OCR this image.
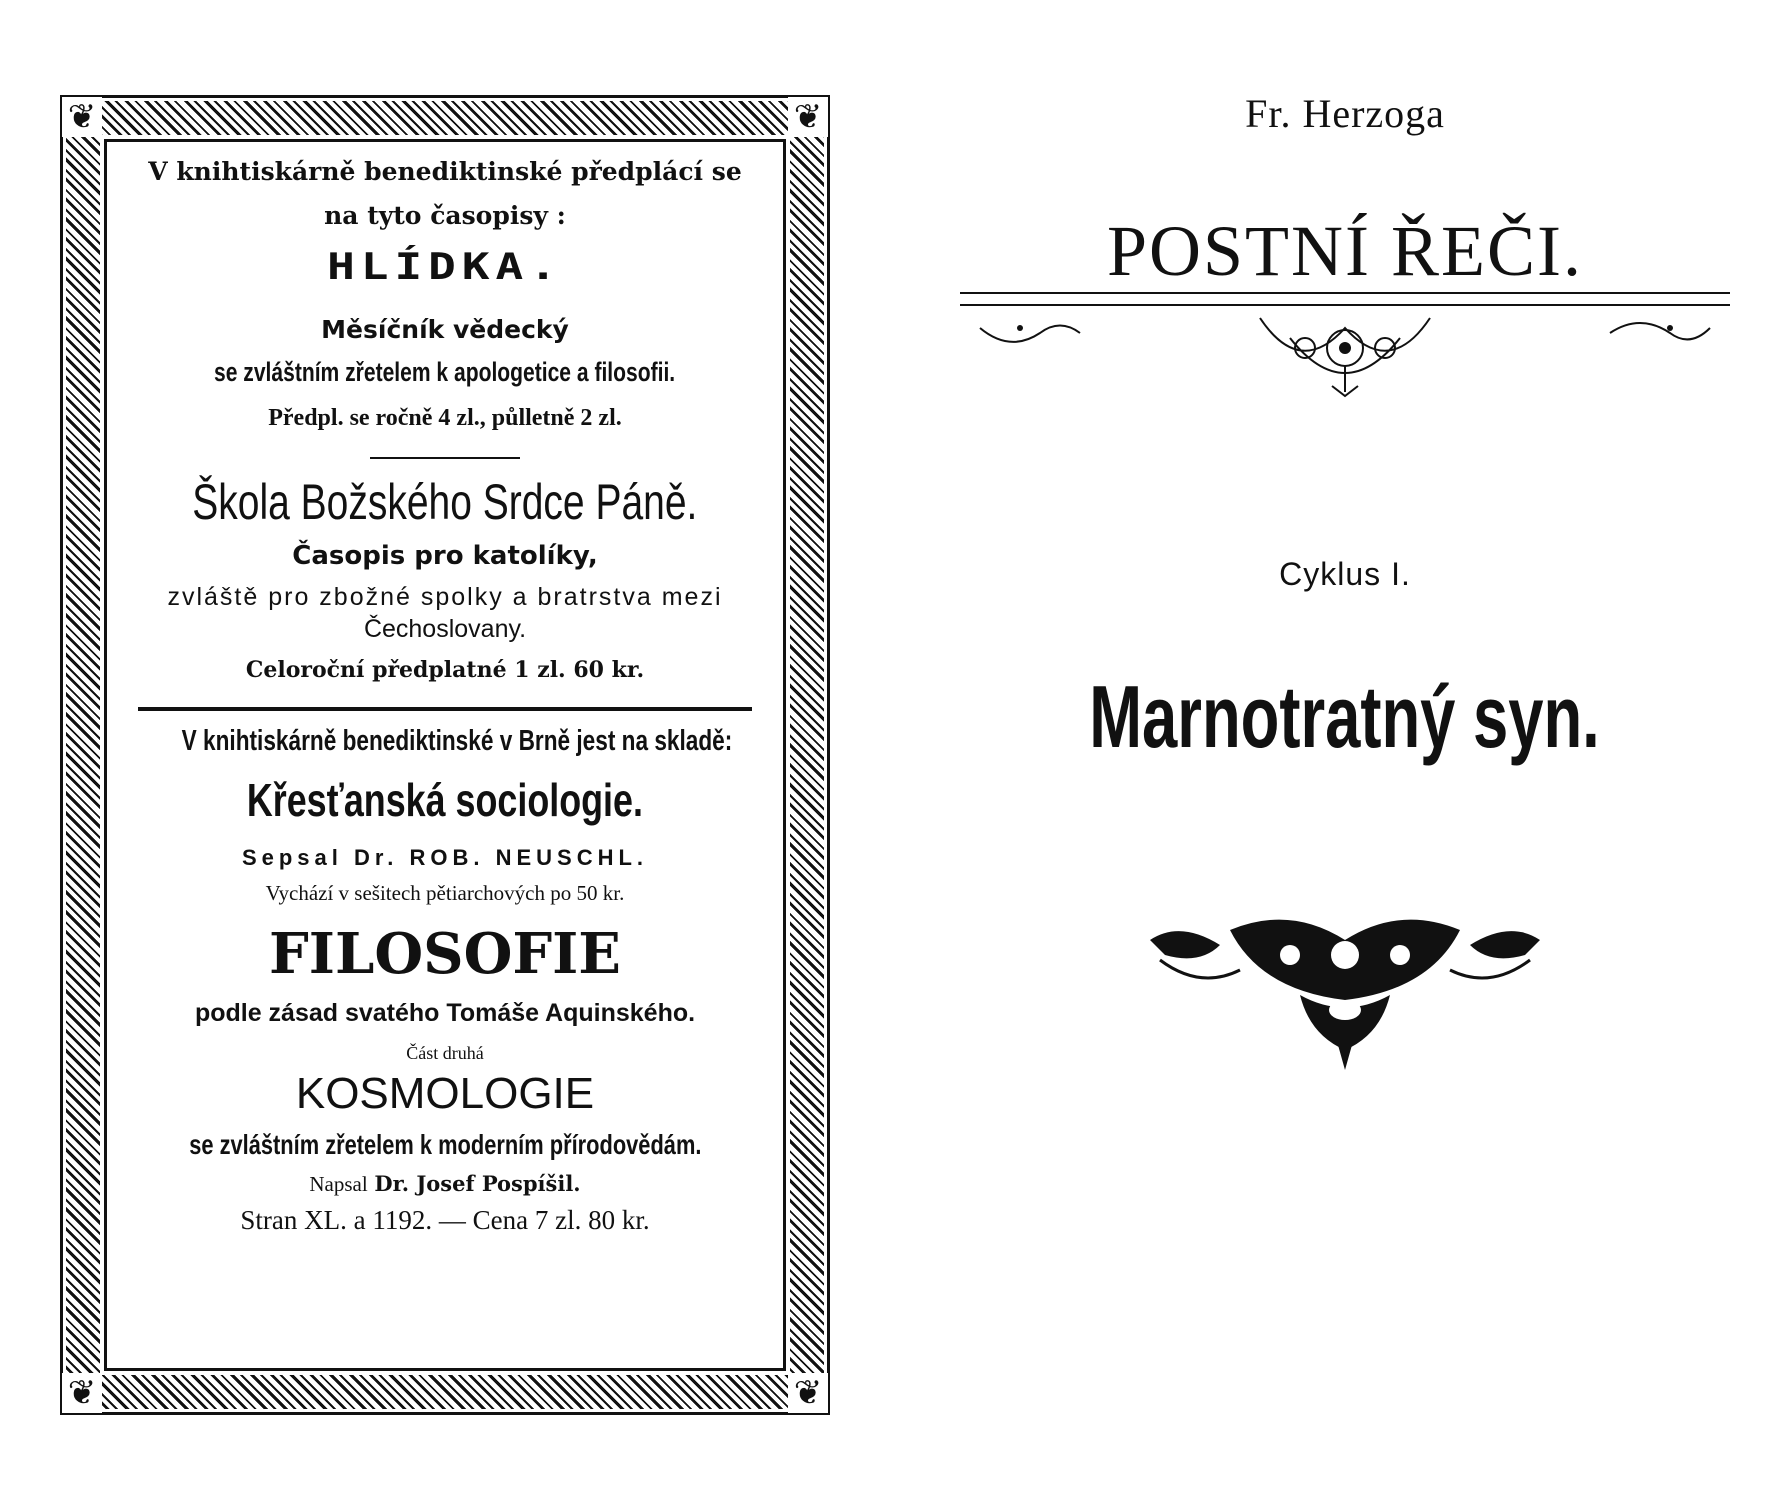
❦	❦
❦	❦
V knihtiskárně benediktinské předplácí se
na tyto časopisy :
HLÍDKA.
Měsíčník vědecký
se zvláštním zřetelem k apologetice a filosofii.
Předpl. se ročně 4 zl., půlletně 2 zl.
Škola Božského Srdce Páně.
Časopis pro katolíky,
zvláště pro zbožné spolky a bratrstva mezi
Čechoslovany.
Celoroční předplatné 1 zl. 60 kr.
V knihtiskárně benediktinské v Brně jest na skladě:
Křesťanská sociologie.
Sepsal Dr. ROB. NEUSCHL.
Vychází v sešitech pětiarchových po 50 kr.
FILOSOFIE
podle zásad svatého Tomáše Aquinského.
Část druhá
KOSMOLOGIE
se zvláštním zřetelem k moderním přírodovědám.
Napsal Dr. Josef Pospíšil.
Stran XL. a 1192. — Cena 7 zl. 80 kr.
Fr. Herzoga
POSTNÍ ŘEČI.
Cyklus I.
Marnotratný syn.
